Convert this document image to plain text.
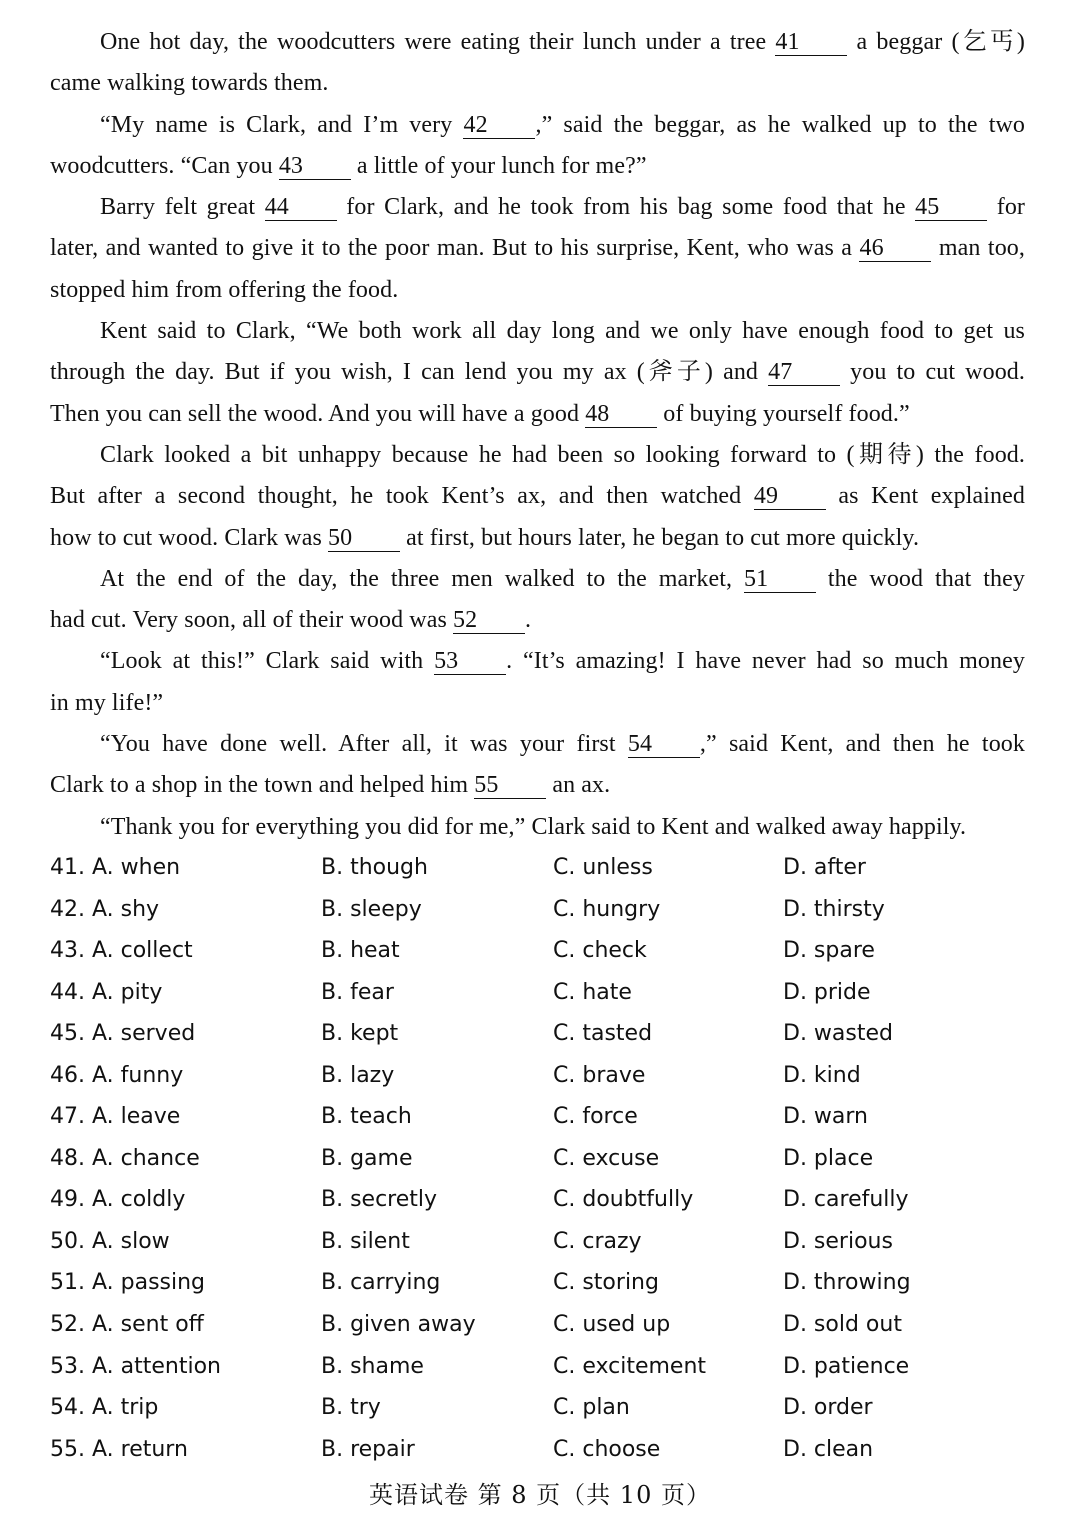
One hot day, the woodcutters were eating their lunch under a tree 41 a beggar (乞丐)
came walking towards them.
“My name is Clark, and I’m very 42 ,” said the beggar, as he walked up to the two
woodcutters. “Can you 43 a little of your lunch for me?”
Barry felt great 44 for Clark, and he took from his bag some food that he 45 for
later, and wanted to give it to the poor man. But to his surprise, Kent, who was a 46 man too,
stopped him from offering the food.
Kent said to Clark, “We both work all day long and we only have enough food to get us
through the day. But if you wish, I can lend you my ax (斧子) and 47 you to cut wood.
Then you can sell the wood. And you will have a good 48 of buying yourself food.”
Clark looked a bit unhappy because he had been so looking forward to (期待) the food.
But after a second thought, he took Kent’s ax, and then watched 49 as Kent explained
how to cut wood. Clark was 50 at first, but hours later, he began to cut more quickly.
At the end of the day, the three men walked to the market, 51 the wood that they
had cut. Very soon, all of their wood was 52 .
“Look at this!” Clark said with 53 . “It’s amazing! I have never had so much money
in my life!”
“You have done well. After all, it was your first 54 ,” said Kent, and then he took
Clark to a shop in the town and helped him 55 an ax.
“Thank you for everything you did for me,” Clark said to Kent and walked away happily.
41. A. when	B. though	C. unless	D. after
42. A. shy	B. sleepy	C. hungry	D. thirsty
43. A. collect	B. heat	C. check	D. spare
44. A. pity	B. fear	C. hate	D. pride
45. A. served	B. kept	C. tasted	D. wasted
46. A. funny	B. lazy	C. brave	D. kind
47. A. leave	B. teach	C. force	D. warn
48. A. chance	B. game	C. excuse	D. place
49. A. coldly	B. secretly	C. doubtfully	D. carefully
50. A. slow	B. silent	C. crazy	D. serious
51. A. passing	B. carrying	C. storing	D. throwing
52. A. sent off	B. given away	C. used up	D. sold out
53. A. attention	B. shame	C. excitement	D. patience
54. A. trip	B. try	C. plan	D. order
55. A. return	B. repair	C. choose	D. clean
英语试卷 第 8 页（共 10 页）
